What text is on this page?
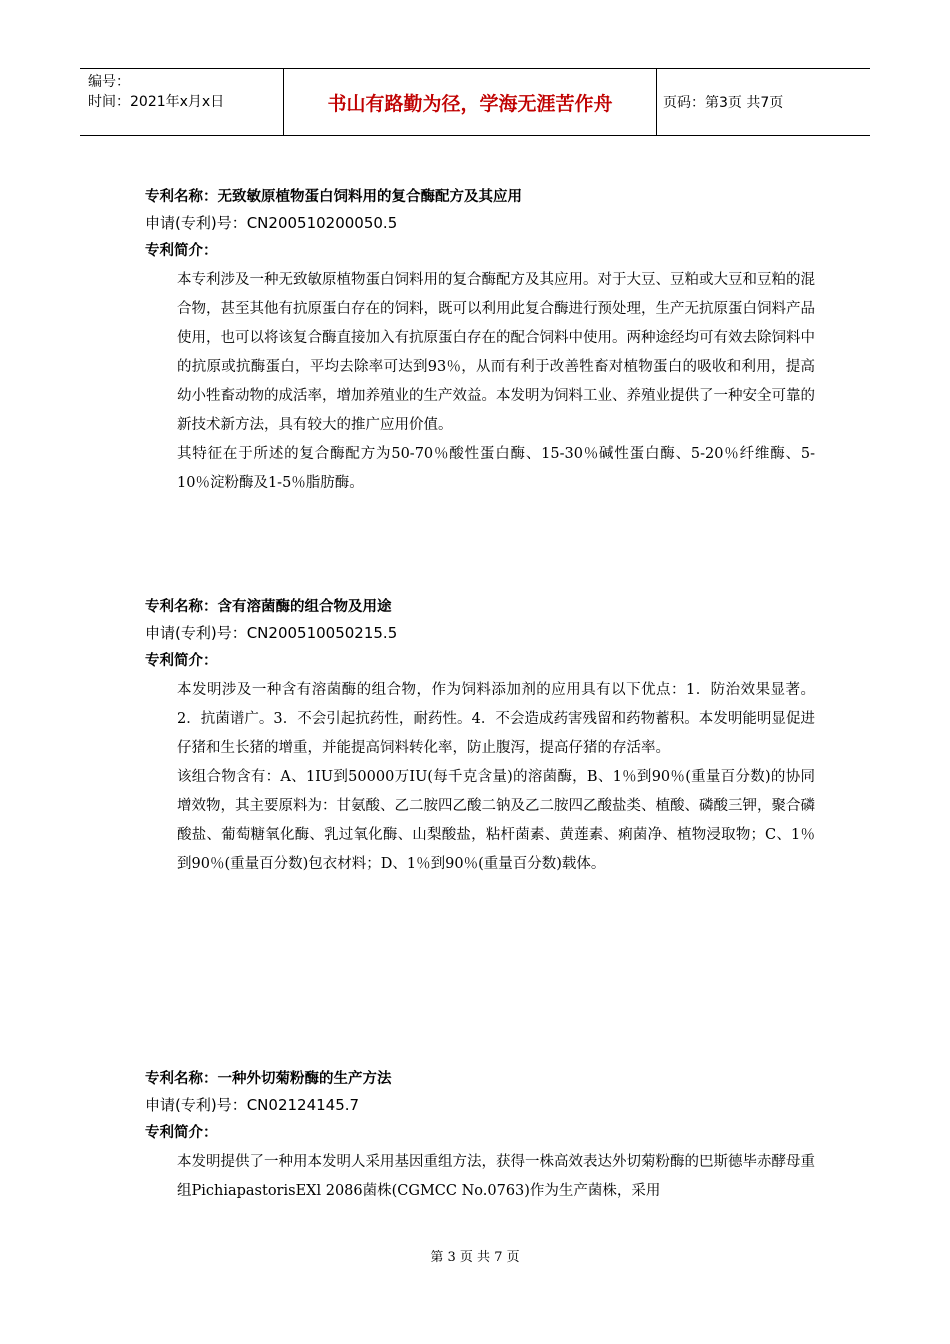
编号：
时间：2021年x月x日	书山有路勤为径，学海无涯苦作舟	页码：第3页 共7页
专利名称：无致敏原植物蛋白饲料用的复合酶配方及其应用
申请(专利)号：CN200510200050.5
专利简介：

本专利涉及一种无致敏原植物蛋白饲料用的复合酶配方及其应用。对于大豆、豆粕或大豆和豆粕的混合物，甚至其他有抗原蛋白存在的饲料，既可以利用此复合酶进行预处理，生产无抗原蛋白饲料产品使用，也可以将该复合酶直接加入有抗原蛋白存在的配合饲料中使用。两种途经均可有效去除饲料中的抗原或抗酶蛋白，平均去除率可达到93％，从而有利于改善牲畜对植物蛋白的吸收和利用，提高幼小牲畜动物的成活率，增加养殖业的生产效益。本发明为饲料工业、养殖业提供了一种安全可靠的新技术新方法，具有较大的推广应用价值。

其特征在于所述的复合酶配方为50-70％酸性蛋白酶、15-30％碱性蛋白酶、5-20％纤维酶、5-10％淀粉酶及1-5％脂肪酶。

专利名称：含有溶菌酶的组合物及用途
申请(专利)号：CN200510050215.5
专利简介：

本发明涉及一种含有溶菌酶的组合物，作为饲料添加剂的应用具有以下优点：1．防治效果显著。2．抗菌谱广。3．不会引起抗药性，耐药性。4．不会造成药害残留和药物蓄积。本发明能明显促进仔猪和生长猪的增重，并能提高饲料转化率，防止腹泻，提高仔猪的存活率。

该组合物含有：A、1IU到50000万IU(每千克含量)的溶菌酶，B、1％到90％(重量百分数)的协同增效物，其主要原料为：甘氨酸、乙二胺四乙酸二钠及乙二胺四乙酸盐类、植酸、磷酸三钾，聚合磷酸盐、葡萄糖氧化酶、乳过氧化酶、山梨酸盐，粘杆菌素、黄莲素、痢菌净、植物浸取物；C、1％到90％(重量百分数)包衣材料；D、1％到90％(重量百分数)载体。

专利名称：一种外切菊粉酶的生产方法
申请(专利)号：CN02124145.7
专利简介：

本发明提供了一种用本发明人采用基因重组方法，获得一株高效表达外切菊粉酶的巴斯德毕赤酵母重组PichiapastorisEXl 2086菌株(CGMCC No.0763)作为生产菌株，采用

第 3 页 共 7 页
